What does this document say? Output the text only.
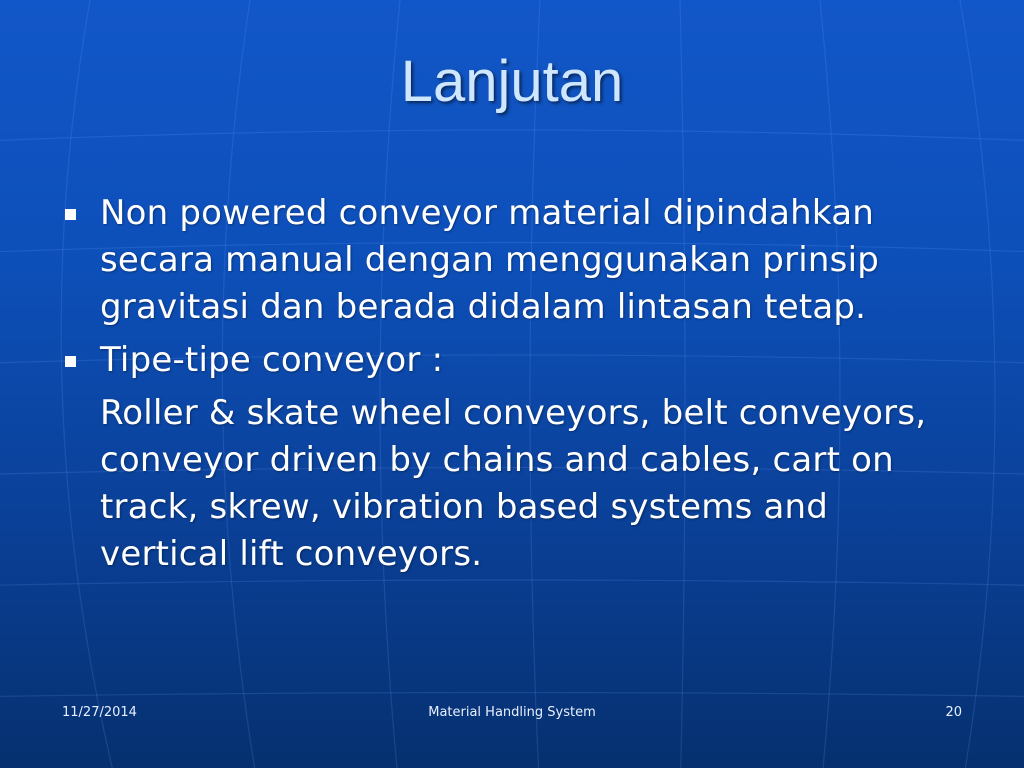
Lanjutan
Non powered conveyor material dipindahkan secara manual dengan menggunakan prinsip gravitasi dan berada didalam lintasan tetap.
Tipe-tipe conveyor :
Roller & skate wheel conveyors, belt conveyors, conveyor driven by chains and cables, cart on track, skrew, vibration based systems and vertical lift conveyors.
11/27/2014	Material Handling System	20
